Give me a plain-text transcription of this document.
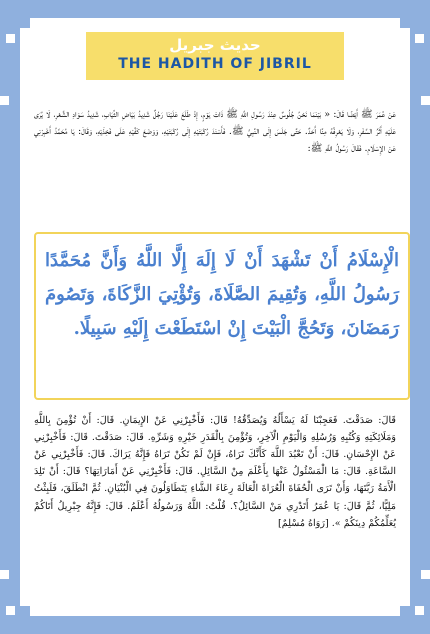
حديث جبريل
THE HADITH OF JIBRIL

عَنْ عُمَرَ ﷺ أَيْضًا قَالَ: « بَيْنَمَا نَحْنُ جُلُوسٌ عِنْدَ رَسُولِ اللَّهِ ﷺ ذَاتَ يَوْمٍ، إِذْ طَلَعَ عَلَيْنَا رَجُلٌ شَدِيدُ بَيَاضِ الثِّيَابِ، شَدِيدُ سَوَادِ الشَّعْرِ، لَا يُرَى عَلَيْهِ أَثَرُ السَّفَرِ، وَلَا يَعْرِفُهُ مِنَّا أَحَدٌ. حَتَّى جَلَسَ إِلَى النَّبِيِّ ﷺ. فَأَسْنَدَ رُكْبَتَيْهِ إِلَى رُكْبَتَيْهِ، وَوَضَعَ كَفَّيْهِ عَلَى فَخِذَيْهِ، وَقَالَ: يَا مُحَمَّدُ أَخْبِرْنِي عَنْ الإِسْلَامِ. فَقَالَ رَسُولُ اللَّهِ ﷺ:

الْإِسْلَامُ أَنْ تَشْهَدَ أَنْ لَا إِلَهَ إِلَّا اللَّهُ وَأَنَّ مُحَمَّدًا رَسُولُ اللَّهِ، وَتُقِيمَ الصَّلَاةَ، وَتُؤْتِيَ الزَّكَاةَ، وَتَصُومَ رَمَضَانَ، وَتَحُجَّ الْبَيْتَ إِنْ اسْتَطَعْتَ إِلَيْهِ سَبِيلًا.

قَالَ: صَدَقْتَ. فَعَجِبْنَا لَهُ يَسْأَلُهُ وَيُصَدِّقُهُ! قَالَ: فَأَخْبِرْنِي عَنْ الإِيمَانِ. قَالَ: أَنْ تُؤْمِنَ بِاللَّهِ وَمَلَائِكَتِهِ وَكُتُبِهِ وَرُسُلِهِ وَالْيَوْمِ الْآخِرِ، وَتُؤْمِنَ بِالْقَدَرِ خَيْرِهِ وَشَرِّهِ. قَالَ: صَدَقْتَ. قَالَ: فَأَخْبِرْنِي عَنْ الإِحْسَانِ. قَالَ: أَنْ تَعْبُدَ اللَّهَ كَأَنَّكَ تَرَاهُ، فَإِنْ لَمْ تَكُنْ تَرَاهُ فَإِنَّهُ يَرَاكَ. قَالَ: فَأَخْبِرْنِي عَنْ السَّاعَةِ. قَالَ: مَا الْمَسْئُولُ عَنْهَا بِأَعْلَمَ مِنْ السَّائِلِ. قَالَ: فَأَخْبِرْنِي عَنْ أَمَارَاتِهَا؟ قَالَ: أَنْ تَلِدَ الْأَمَةُ رَبَّتَهَا، وَأَنْ تَرَى الْحُفَاةَ الْعُرَاةَ الْعَالَةَ رِعَاءَ الشَّاءِ يَتَطَاوَلُونَ فِي الْبُنْيَانِ. ثُمَّ انْطَلَقَ، فَلَبِثْتُ مَلِيًّا، ثُمَّ قَالَ: يَا عُمَرُ أَتَدْرِي مَنْ السَّائِلُ؟. قُلْتُ: اللَّهُ وَرَسُولُهُ أَعْلَمُ. قَالَ: فَإِنَّهُ جِبْرِيلُ أَتَاكُمْ يُعَلِّمُكُمْ دِينَكُمْ ». [رَوَاهُ مُسْلِمٌ]
